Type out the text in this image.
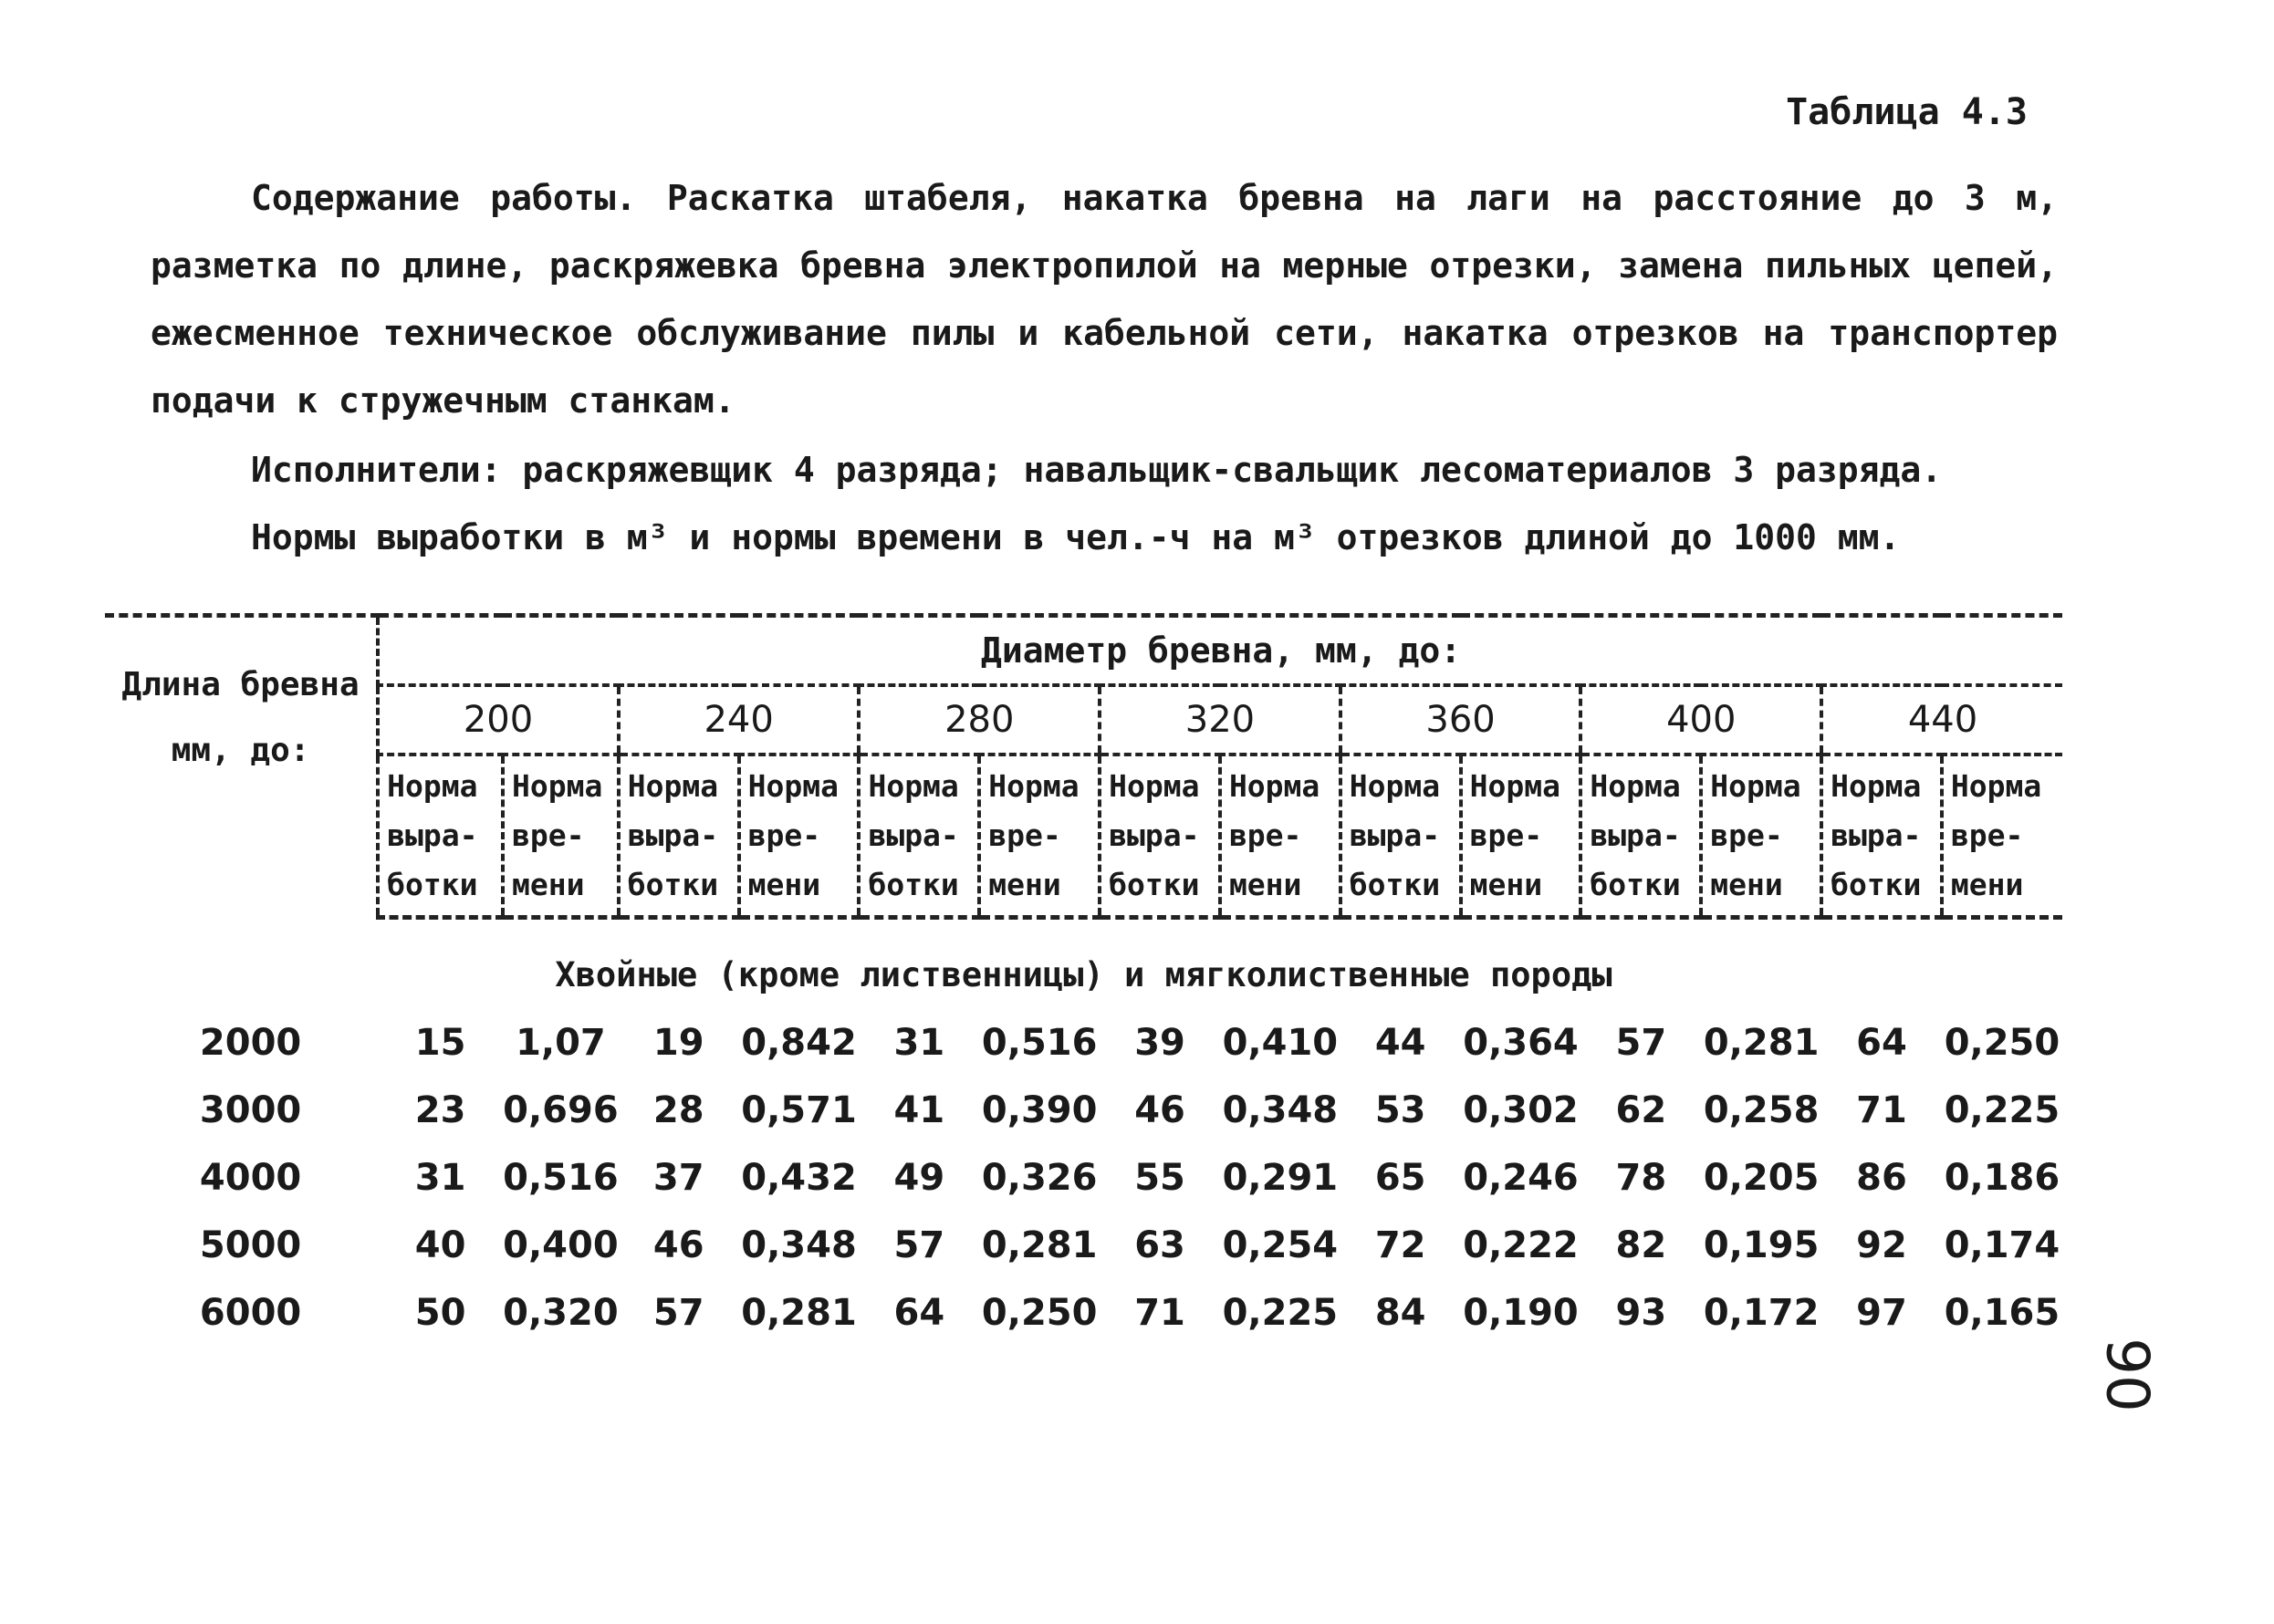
Таблица 4.3
Содержание работы. Раскатка штабеля, накатка бревна на лаги на расстояние до 3 м, разметка по длине, раскряжевка бревна электропилой на мерные отрезки, замена пильных цепей, ежесменное техническое обслуживание пилы и кабельной сети, накатка отрезков на транспортер подачи к стружечным станкам.
Исполнители: раскряжевщик 4 разряда; навальщик-свальщик лесоматериалов 3 разряда.
Нормы выработки в м³ и нормы времени в чел.-ч на м³ отрезков длиной до 1000 мм.
Длина бревна мм, до:	Диаметр бревна, мм, до:													
	200		240		280		320		360		400		440	
	Норма выра- ботки	Норма вре- мени	Норма выра- ботки	Норма вре- мени	Норма выра- ботки	Норма вре- мени	Норма выра- ботки	Норма вре- мени	Норма выра- ботки	Норма вре- мени	Норма выра- ботки	Норма вре- мени	Норма выра- ботки	Норма вре- мени
Хвойные (кроме лиственницы) и мягколиственные породы														
2000	15	1,07	19	0,842	31	0,516	39	0,410	44	0,364	57	0,281	64	0,250
3000	23	0,696	28	0,571	41	0,390	46	0,348	53	0,302	62	0,258	71	0,225
4000	31	0,516	37	0,432	49	0,326	55	0,291	65	0,246	78	0,205	86	0,186
5000	40	0,400	46	0,348	57	0,281	63	0,254	72	0,222	82	0,195	92	0,174
6000	50	0,320	57	0,281	64	0,250	71	0,225	84	0,190	93	0,172	97	0,165
90
